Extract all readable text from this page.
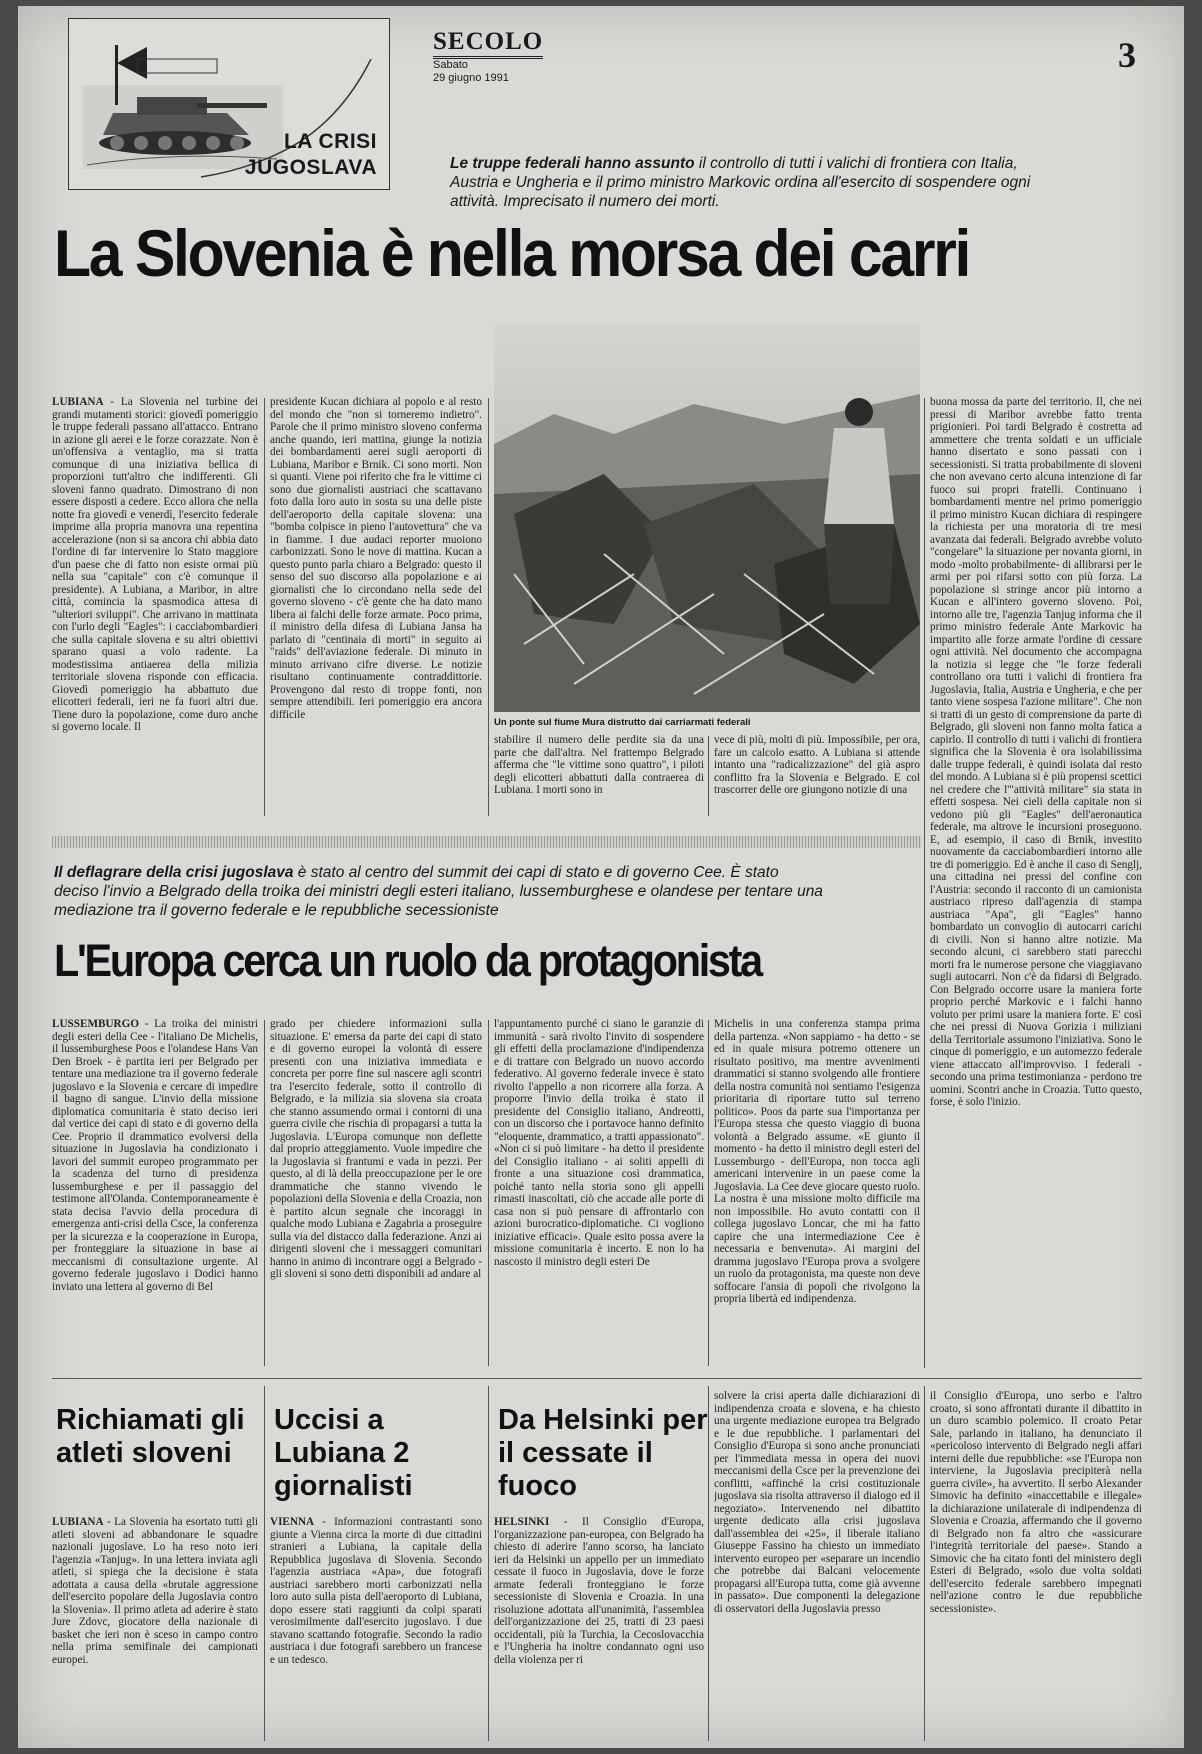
LA CRISI
JUGOSLAVA
SECOLO
Sabato
29 giugno 1991
3
Le truppe federali hanno assunto il controllo di tutti i valichi di frontiera con Italia, Austria e Ungheria e il primo ministro Markovic ordina all'esercito di sospendere ogni attività. Imprecisato il numero dei morti.
La Slovenia è nella morsa dei carri
LUBIANA - La Slovenia nel turbine dei grandi mutamenti storici: giovedì pomeriggio le truppe federali passano all'attacco. Entrano in azione gli aerei e le forze corazzate. Non è un'offensiva a ventaglio, ma si tratta comunque di una iniziativa bellica di proporzioni tutt'altro che indifferenti. Gli sloveni fanno quadrato. Dimostrano di non essere disposti a cedere. Ecco allora che nella notte fra giovedì e venerdì, l'esercito federale imprime alla propria manovra una repentina accelerazione (non si sa ancora chi abbia dato l'ordine di far intervenire lo Stato maggiore d'un paese che di fatto non esiste ormai più nella sua "capitale" con c'è comunque il presidente). A Lubiana, a Maribor, in altre città, comincia la spasmodica attesa di "ulteriori sviluppi". Che arrivano in mattinata con l'urlo degli "Eagles": i cacciabombardieri che sulla capitale slovena e su altri obiettivi sparano quasi a volo radente. La modestissima antiaerea della milizia territoriale slovena risponde con efficacia. Giovedì pomeriggio ha abbattuto due elicotteri federali, ieri ne fa fuori altri due. Tiene duro la popolazione, come duro anche si governo locale. Il
presidente Kucan dichiara al popolo e al resto del mondo che "non si torneremo indietro". Parole che il primo ministro sloveno conferma anche quando, ieri mattina, giunge la notizia dei bombardamenti aerei sugli aeroporti di Lubiana, Maribor e Brnik. Ci sono morti. Non si quanti. Viene poi riferito che fra le vittime ci sono due giornalisti austriaci che scattavano foto dalla loro auto in sosta su una delle piste dell'aeroporto della capitale slovena: una "bomba colpisce in pieno l'autovettura" che va in fiamme. I due audaci reporter muoiono carbonizzati. Sono le nove di mattina. Kucan a questo punto parla chiaro a Belgrado: questo il senso del suo discorso alla popolazione e ai giornalisti che lo circondano nella sede del governo sloveno - c'è gente che ha dato mano libera ai falchi delle forze armate. Poco prima, il ministro della difesa di Lubiana Jansa ha parlato di "centinaia di morti" in seguito ai "raids" dell'aviazione federale. Di minuto in minuto arrivano cifre diverse. Le notizie risultano continuamente contraddittorie. Provengono dal resto di troppe fonti, non sempre attendibili. Ieri pomeriggio era ancora difficile
Un ponte sul fiume Mura distrutto dai carriarmati federali
stabilire il numero delle perdite sia da una parte che dall'altra. Nel frattempo Belgrado afferma che "le vittime sono quattro", i piloti degli elicotteri abbattuti dalla contraerea di Lubiana. I morti sono in
vece di più, molti di più. Impossibile, per ora, fare un calcolo esatto. A Lubiana si attende intanto una "radicalizzazione" del già aspro conflitto fra la Slovenia e Belgrado. E col trascorrer delle ore giungono notizie di una
buona mossa da parte del territorio. Il, che nei pressi di Maribor avrebbe fatto trenta prigionieri. Poi tardi Belgrado è costretta ad ammettere che trenta soldati e un ufficiale hanno disertato e sono passati con i secessionisti. Si tratta probabilmente di sloveni che non avevano certo alcuna intenzione di far fuoco sui propri fratelli. Continuano i bombardamenti mentre nel primo pomeriggio il primo ministro Kucan dichiara di respingere la richiesta per una moratoria di tre mesi avanzata dai federali. Belgrado avrebbe voluto "congelare" la situazione per novanta giorni, in modo -molto probabilmente- di allibrarsi per le armi per poi rifarsi sotto con più forza. La popolazione si stringe ancor più intorno a Kucan e all'intero governo sloveno. Poi, intorno alle tre, l'agenzia Tanjug informa che il primo ministro federale Ante Markovic ha impartito alle forze armate l'ordine di cessare ogni attività. Nel documento che accompagna la notizia si legge che "le forze federali controllano ora tutti i valichi di frontiera fra Jugoslavia, Italia, Austria e Ungheria, e che per tanto viene sospesa l'azione militare". Che non si tratti di un gesto di comprensione da parte di Belgrado, gli sloveni non fanno molta fatica a capirlo. Il controllo di tutti i valichi di frontiera significa che la Slovenia è ora isolabilissima dalle truppe federali, è quindi isolata dal resto del mondo. A Lubiana si è più propensi scettici nel credere che l'"attività militare" sia stata in effetti sospesa. Nei cieli della capitale non si vedono più gli "Eagles" dell'aeronautica federale, ma altrove le incursioni proseguono. E, ad esempio, il caso di Brnik, investito nuovamente da cacciabombardieri intorno alle tre di pomeriggio. Ed è anche il caso di Senglj, una cittadina nei pressi del confine con l'Austria: secondo il racconto di un camionista austriaco ripreso dall'agenzia di stampa austriaca "Apa", gli "Eagles" hanno bombardato un convoglio di autocarri carichi di civili. Non si hanno altre notizie. Ma secondo alcuni, ci sarebbero stati parecchi morti fra le numerose persone che viaggiavano sugli autocarri. Non c'è da fidarsi di Belgrado. Con Belgrado occorre usare la maniera forte proprio perché Markovic e i falchi hanno voluto per primi usare la maniera forte. E' così che nei pressi di Nuova Gorizia i miliziani della Territoriale assumono l'iniziativa. Sono le cinque di pomeriggio, e un automezzo federale viene attaccato all'improvviso. I federali - secondo una prima testimonianza - perdono tre uomini. Scontri anche in Croazia. Tutto questo, forse, è solo l'inizio.
Il deflagrare della crisi jugoslava è stato al centro del summit dei capi di stato e di governo Cee. È stato deciso l'invio a Belgrado della troika dei ministri degli esteri italiano, lussemburghese e olandese per tentare una mediazione tra il governo federale e le repubbliche secessioniste
L'Europa cerca un ruolo da protagonista
LUSSEMBURGO - La troika dei ministri degli esteri della Cee - l'italiano De Michelis, il lussemburghese Poos e l'olandese Hans Van Den Broek - è partita ieri per Belgrado per tentare una mediazione tra il governo federale jugoslavo e la Slovenia e cercare di impedire il bagno di sangue. L'invio della missione diplomatica comunitaria è stato deciso ieri dal vertice dei capi di stato e di governo della Cee. Proprio il drammatico evolversi della situazione in Jugoslavia ha condizionato i lavori del summit europeo programmato per la scadenza del turno di presidenza lussemburghese e per il passaggio del testimone all'Olanda. Contemporaneamente è stata decisa l'avvio della procedura di emergenza anti-crisi della Csce, la conferenza per la sicurezza e la cooperazione in Europa, per fronteggiare la situazione in base ai meccanismi di consultazione urgente. Al governo federale jugoslavo i Dodici hanno inviato una lettera al governo di Bel
grado per chiedere informazioni sulla situazione. E' emersa da parte dei capi di stato e di governo europei la volontà di essere presenti con una iniziativa immediata e concreta per porre fine sul nascere agli scontri tra l'esercito federale, sotto il controllo di Belgrado, e la milizia sia slovena sia croata che stanno assumendo ormai i contorni di una guerra civile che rischia di propagarsi a tutta la Jugoslavia. L'Europa comunque non deflette dal proprio atteggiamento. Vuole impedire che la Jugoslavia si frantumi e vada in pezzi. Per questo, al di là della preoccupazione per le ore drammatiche che stanno vivendo le popolazioni della Slovenia e della Croazia, non è partito alcun segnale che incoraggi in qualche modo Lubiana e Zagabria a proseguire sulla via del distacco dalla federazione. Anzi ai dirigenti sloveni che i messaggeri comunitari hanno in animo di incontrare oggi a Belgrado - gli sloveni si sono detti disponibili ad andare al
l'appuntamento purché ci siano le garanzie di immunità - sarà rivolto l'invito di sospendere gli effetti della proclamazione d'indipendenza e di trattare con Belgrado un nuovo accordo federativo. Al governo federale invece è stato rivolto l'appello a non ricorrere alla forza. A proporre l'invio della troika è stato il presidente del Consiglio italiano, Andreotti, con un discorso che i portavoce hanno definito "eloquente, drammatico, a tratti appassionato". «Non ci si può limitare - ha detto il presidente del Consiglio italiano - ai soliti appelli di fronte a una situazione così drammatica, poiché tanto nella storia sono gli appelli rimasti inascoltati, ciò che accade alle porte di casa non si può pensare di affrontarlo con azioni burocratico-diplomatiche. Ci vogliono iniziative efficaci». Quale esito possa avere la missione comunitaria è incerto. E non lo ha nascosto il ministro degli esteri De
Michelis in una conferenza stampa prima della partenza. «Non sappiamo - ha detto - se ed in quale misura potremo ottenere un risultato positivo, ma mentre avvenimenti drammatici si stanno svolgendo alle frontiere della nostra comunità noi sentiamo l'esigenza prioritaria di riportare tutto sul terreno politico». Poos da parte sua l'importanza per l'Europa stessa che questo viaggio di buona volontà a Belgrado assume. «E giunto il momento - ha detto il ministro degli esteri del Lussemburgo - dell'Europa, non tocca agli americani intervenire in un paese come la Jugoslavia. La Cee deve giocare questo ruolo. La nostra è una missione molto difficile ma non impossibile. Ho avuto contatti con il collega jugoslavo Loncar, che mi ha fatto capire che una intermediazione Cee è necessaria e benvenuta». Ai margini del dramma jugoslavo l'Europa prova a svolgere un ruolo da protagonista, ma queste non deve soffocare l'ansia di popoli che rivolgono la propria libertà ed indipendenza.
Richiamati gli atleti sloveni
LUBIANA - La Slovenia ha esortato tutti gli atleti sloveni ad abbandonare le squadre nazionali jugoslave. Lo ha reso noto ieri l'agenzia «Tanjug». In una lettera inviata agli atleti, si spiega che la decisione è stata adottata a causa della «brutale aggressione dell'esercito popolare della Jugoslavia contro la Slovenia». Il primo atleta ad aderire è stato Jure Zdovc, giocatore della nazionale di basket che ieri non è sceso in campo contro nella prima semifinale dei campionati europei.
Uccisi a Lubiana 2 giornalisti
VIENNA - Informazioni contrastanti sono giunte a Vienna circa la morte di due cittadini stranieri a Lubiana, la capitale della Repubblica jugoslava di Slovenia. Secondo l'agenzia austriaca «Apa», due fotografi austriaci sarebbero morti carbonizzati nella loro auto sulla pista dell'aeroporto di Lubiana, dopo essere stati raggiunti da colpi sparati verosimilmente dall'esercito jugoslavo. I due stavano scattando fotografie. Secondo la radio austriaca i due fotografi sarebbero un francese e un tedesco.
Da Helsinki per il cessate il fuoco
HELSINKI - Il Consiglio d'Europa, l'organizzazione pan-europea, con Belgrado ha chiesto di aderire l'anno scorso, ha lanciato ieri da Helsinki un appello per un immediato cessate il fuoco in Jugoslavia, dove le forze armate federali fronteggiano le forze secessioniste di Slovenia e Croazia. In una risoluzione adottata all'unanimità, l'assemblea dell'organizzazione dei 25, tratti di 23 paesi occidentali, più la Turchia, la Cecoslovacchia e l'Ungheria ha inoltre condannato ogni uso della violenza per ri
solvere la crisi aperta dalle dichiarazioni di indipendenza croata e slovena, e ha chiesto una urgente mediazione europea tra Belgrado e le due repubbliche. I parlamentari del Consiglio d'Europa si sono anche pronunciati per l'immediata messa in opera dei nuovi meccanismi della Csce per la prevenzione dei conflitti, «affinché la crisi costituzionale jugoslava sia risolta attraverso il dialogo ed il negoziato». Intervenendo nel dibattito urgente dedicato alla crisi jugoslava dall'assemblea dei «25», il liberale italiano Giuseppe Fassino ha chiesto un immediato intervento europeo per «separare un incendio che potrebbe dai Balcani velocemente propagarsi all'Europa tutta, come già avvenne in passato». Due componenti la delegazione di osservatori della Jugoslavia presso
il Consiglio d'Europa, uno serbo e l'altro croato, si sono affrontati durante il dibattito in un duro scambio polemico. Il croato Petar Sale, parlando in italiano, ha denunciato il «pericoloso intervento di Belgrado negli affari interni delle due repubbliche: «se l'Europa non interviene, la Jugoslavia precipiterà nella guerra civile», ha avvertito. Il serbo Alexander Simovic ha definito «inaccettabile e illegale» la dichiarazione unilaterale di indipendenza di Slovenia e Croazia, affermando che il governo di Belgrado non fa altro che «assicurare l'integrità territoriale del paese». Stando a Simovic che ha citato fonti del ministero degli Esteri di Belgrado, «solo due volta soldati dell'esercito federale sarebbero impegnati nell'azione contro le due repubbliche secessioniste».
